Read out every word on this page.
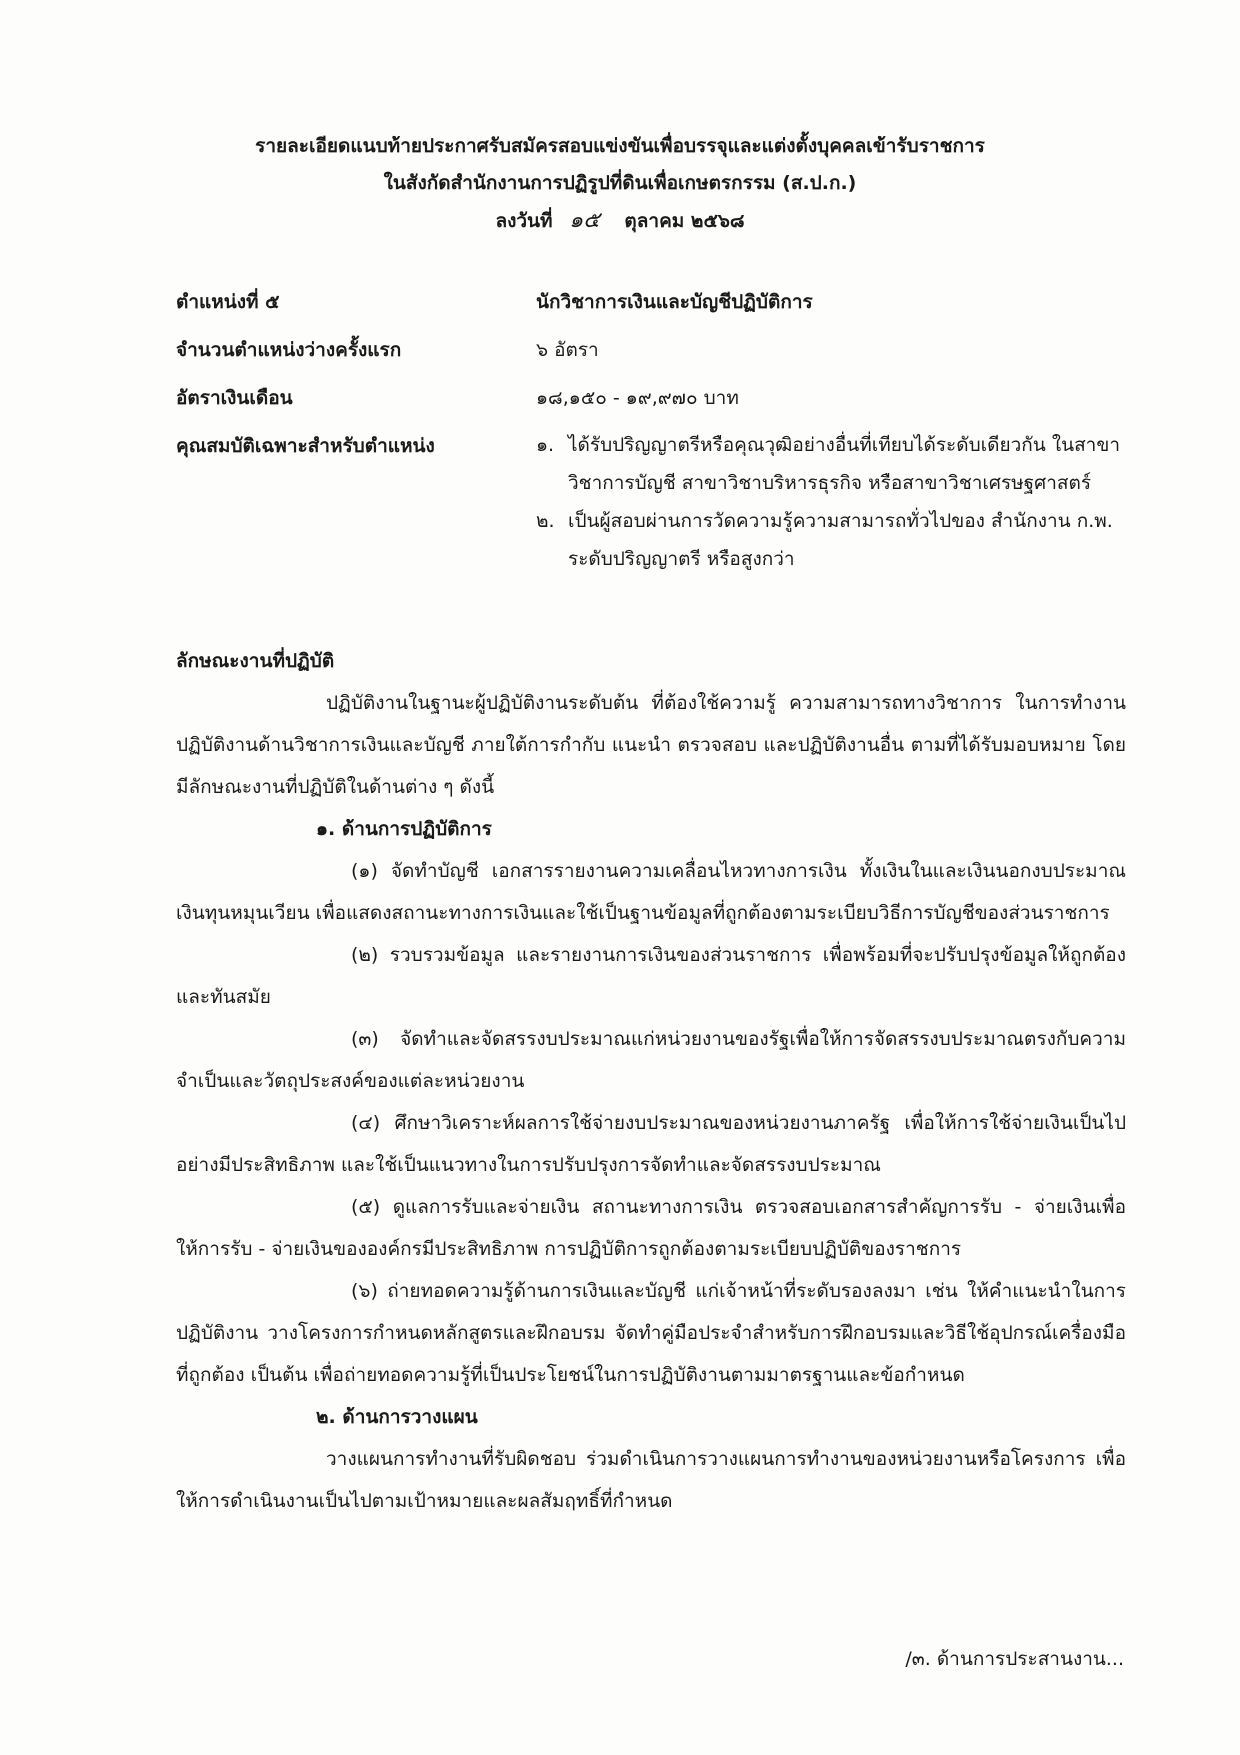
รายละเอียดแนบท้ายประกาศรับสมัครสอบแข่งขันเพื่อบรรจุและแต่งตั้งบุคคลเข้ารับราชการ

ในสังกัดสำนักงานการปฏิรูปที่ดินเพื่อเกษตรกรรม (ส.ป.ก.)

ลงวันที่ ๑๕ ตุลาคม ๒๕๖๘
ตำแหน่งที่ ๕	นักวิชาการเงินและบัญชีปฏิบัติการ
จำนวนตำแหน่งว่างครั้งแรก	๖ อัตรา
อัตราเงินเดือน	๑๘,๑๕๐ - ๑๙,๙๗๐ บาท
คุณสมบัติเฉพาะสำหรับตำแหน่ง	๑. ได้รับปริญญาตรีหรือคุณวุฒิอย่างอื่นที่เทียบได้ระดับเดียวกัน ในสาขาวิชาการบัญชี สาขาวิชาบริหารธุรกิจ หรือสาขาวิชาเศรษฐศาสตร์
๒. เป็นผู้สอบผ่านการวัดความรู้ความสามารถทั่วไปของ สำนักงาน ก.พ. ระดับปริญญาตรี หรือสูงกว่า

ลักษณะงานที่ปฏิบัติ

ปฏิบัติงานในฐานะผู้ปฏิบัติงานระดับต้น ที่ต้องใช้ความรู้ ความสามารถทางวิชาการ ในการทำงานปฏิบัติงานด้านวิชาการเงินและบัญชี ภายใต้การกำกับ แนะนำ ตรวจสอบ และปฏิบัติงานอื่น ตามที่ได้รับมอบหมาย โดยมีลักษณะงานที่ปฏิบัติในด้านต่าง ๆ ดังนี้

๑. ด้านการปฏิบัติการ

(๑) จัดทำบัญชี เอกสารรายงานความเคลื่อนไหวทางการเงิน ทั้งเงินในและเงินนอกงบประมาณ เงินทุนหมุนเวียน เพื่อแสดงสถานะทางการเงินและใช้เป็นฐานข้อมูลที่ถูกต้องตามระเบียบวิธีการบัญชีของส่วนราชการ

(๒) รวบรวมข้อมูล และรายงานการเงินของส่วนราชการ เพื่อพร้อมที่จะปรับปรุงข้อมูลให้ถูกต้องและทันสมัย

(๓) จัดทำและจัดสรรงบประมาณแก่หน่วยงานของรัฐเพื่อให้การจัดสรรงบประมาณตรงกับความจำเป็นและวัตถุประสงค์ของแต่ละหน่วยงาน

(๔) ศึกษาวิเคราะห์ผลการใช้จ่ายงบประมาณของหน่วยงานภาครัฐ เพื่อให้การใช้จ่ายเงินเป็นไปอย่างมีประสิทธิภาพ และใช้เป็นแนวทางในการปรับปรุงการจัดทำและจัดสรรงบประมาณ

(๕) ดูแลการรับและจ่ายเงิน สถานะทางการเงิน ตรวจสอบเอกสารสำคัญการรับ - จ่ายเงินเพื่อให้การรับ - จ่ายเงินขององค์กรมีประสิทธิภาพ การปฏิบัติการถูกต้องตามระเบียบปฏิบัติของราชการ

(๖) ถ่ายทอดความรู้ด้านการเงินและบัญชี แก่เจ้าหน้าที่ระดับรองลงมา เช่น ให้คำแนะนำในการปฏิบัติงาน วางโครงการกำหนดหลักสูตรและฝึกอบรม จัดทำคู่มือประจำสำหรับการฝึกอบรมและวิธีใช้อุปกรณ์เครื่องมือที่ถูกต้อง เป็นต้น เพื่อถ่ายทอดความรู้ที่เป็นประโยชน์ในการปฏิบัติงานตามมาตรฐานและข้อกำหนด

๒. ด้านการวางแผน

วางแผนการทำงานที่รับผิดชอบ ร่วมดำเนินการวางแผนการทำงานของหน่วยงานหรือโครงการ เพื่อให้การดำเนินงานเป็นไปตามเป้าหมายและผลสัมฤทธิ์ที่กำหนด

/๓. ด้านการประสานงาน...
